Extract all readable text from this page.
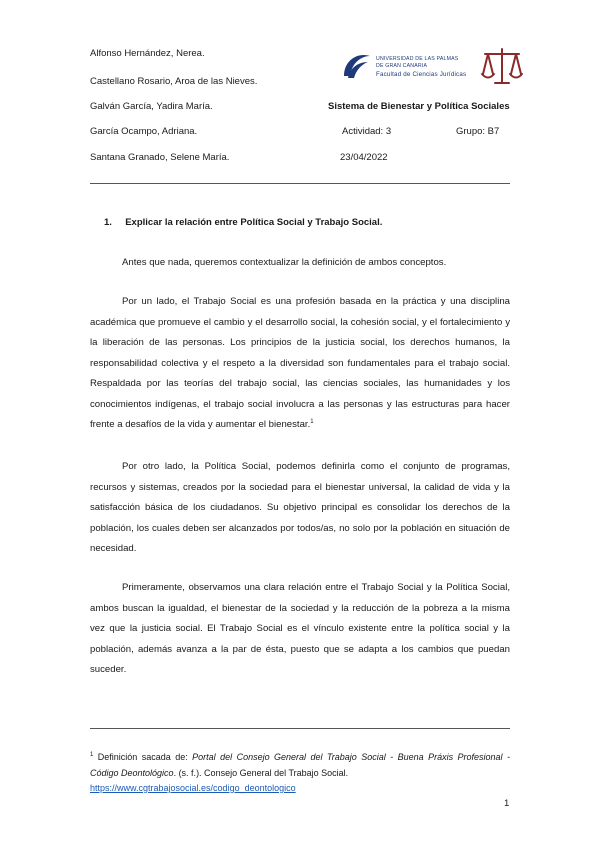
Alfonso Hernández, Nerea.
Castellano Rosario, Aroa de las Nieves.
Galván García, Yadira María.
García Ocampo, Adriana.
Santana Granado, Selene María.
UNIVERSIDAD DE LAS PALMAS
DE GRAN CANARIA
Facultad de Ciencias Jurídicas
Sistema de Bienestar y Política Sociales
Actividad: 3	Grupo: B7
23/04/2022
1. Explicar la relación entre Política Social y Trabajo Social.
Antes que nada, queremos contextualizar la definición de ambos conceptos.
Por un lado, el Trabajo Social es una profesión basada en la práctica y una disciplina académica que promueve el cambio y el desarrollo social, la cohesión social, y el fortalecimiento y la liberación de las personas. Los principios de la justicia social, los derechos humanos, la responsabilidad colectiva y el respeto a la diversidad son fundamentales para el trabajo social. Respaldada por las teorías del trabajo social, las ciencias sociales, las humanidades y los conocimientos indígenas, el trabajo social involucra a las personas y las estructuras para hacer frente a desafíos de la vida y aumentar el bienestar.$^1$
Por otro lado, la Política Social, podemos definirla como el conjunto de programas, recursos y sistemas, creados por la sociedad para el bienestar universal, la calidad de vida y la satisfacción básica de los ciudadanos. Su objetivo principal es consolidar los derechos de la población, los cuales deben ser alcanzados por todos/as, no solo por la población en situación de necesidad.
Primeramente, observamos una clara relación entre el Trabajo Social y la Política Social, ambos buscan la igualdad, el bienestar de la sociedad y la reducción de la pobreza a la misma vez que la justicia social. El Trabajo Social es el vínculo existente entre la política social y la población, además avanza a la par de ésta, puesto que se adapta a los cambios que puedan suceder.
$^1$ Definición sacada de: Portal del Consejo General del Trabajo Social - Buena Práxis Profesional - Código Deontológico. (s. f.). Consejo General del Trabajo Social.
https://www.cgtrabajosocial.es/codigo_deontologico
1
